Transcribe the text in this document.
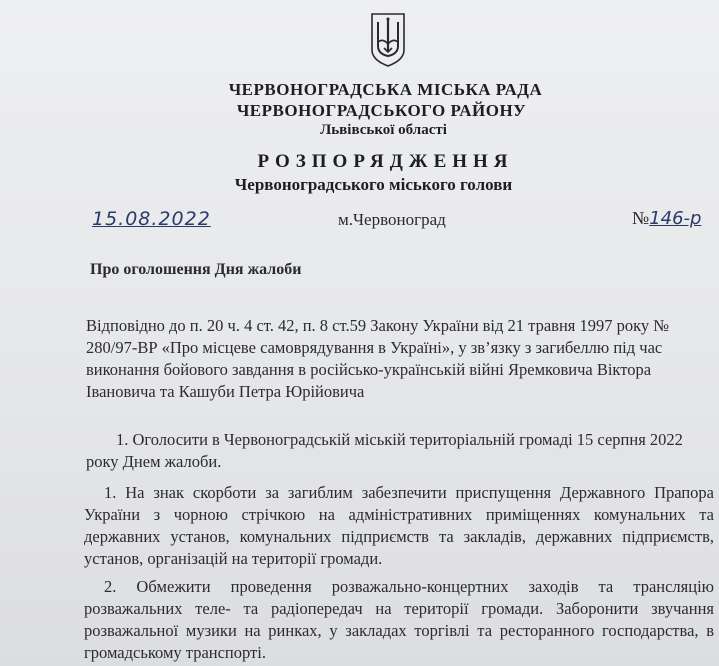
ЧЕРВОНОГРАДСЬКА МІСЬКА РАДА
ЧЕРВОНОГРАДСЬКОГО РАЙОНУ
Львівської області
РОЗПОРЯДЖЕННЯ
Червоноградського міського голови
15.08.2022	м.Червоноград	№146-р
Про оголошення Дня жалоби
Відповідно до п. 20 ч. 4 ст. 42, п. 8 ст.59 Закону України від 21 травня 1997 року № 280/97-ВР «Про місцеве самоврядування в Україні», у зв’язку з загибеллю під час виконання бойового завдання в російсько-українській війні Яремковича Віктора Івановича та Кашуби Петра Юрійовича
1. Оголосити в Червоноградській міській територіальній громаді 15 серпня 2022 року Днем жалоби.
1. На знак скорботи за загиблим забезпечити приспущення Державного Прапора України з чорною стрічкою на адміністративних приміщеннях комунальних та державних установ, комунальних підприємств та закладів, державних підприємств, установ, організацій на території громади.
2. Обмежити проведення розважально-концертних заходів та трансляцію розважальних теле- та радіопередач на території громади. Заборонити звучання розважальної музики на ринках, у закладах торгівлі та ресторанного господарства, в громадському транспорті.
